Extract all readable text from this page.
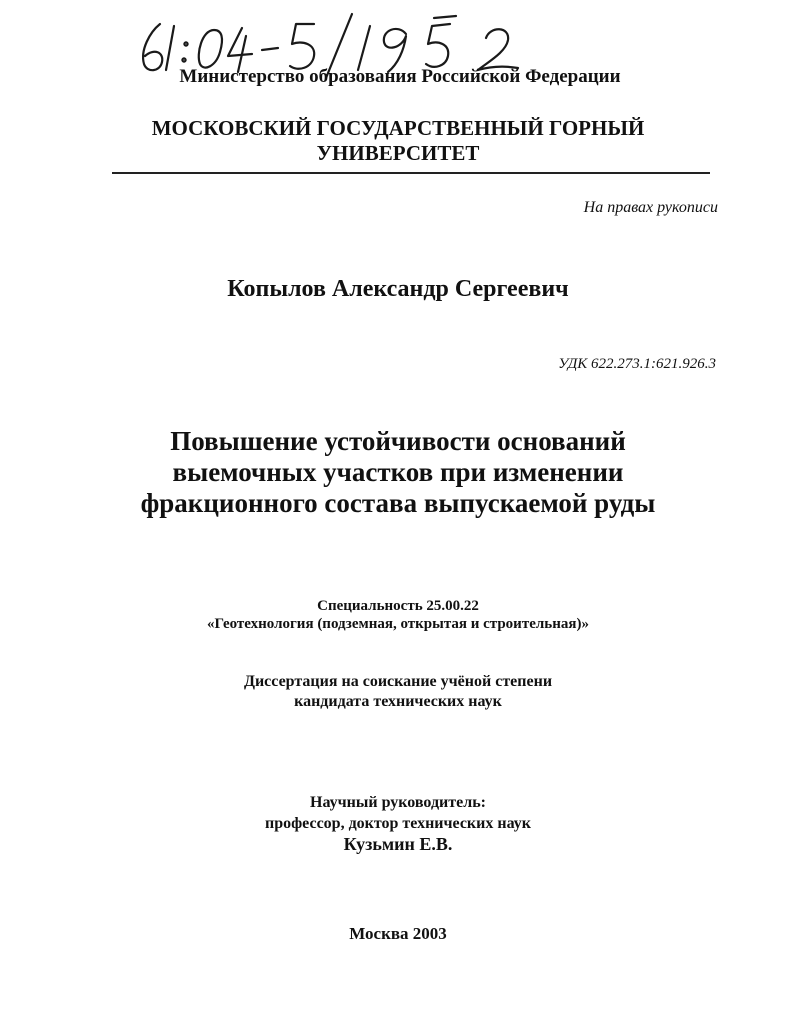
Министерство образования Российской Федерации

МОСКОВСКИЙ ГОСУДАРСТВЕННЫЙ ГОРНЫЙ
УНИВЕРСИТЕТ

На правах рукописи

Копылов Александр Сергеевич

УДК 622.273.1:621.926.3

Повышение устойчивости оснований
выемочных участков при изменении
фракционного состава выпускаемой руды

Специальность 25.00.22
«Геотехнология (подземная, открытая и строительная)»

Диссертация на соискание учёной степени
кандидата технических наук

Научный руководитель:
профессор, доктор технических наук
Кузьмин Е.В.

Москва 2003
